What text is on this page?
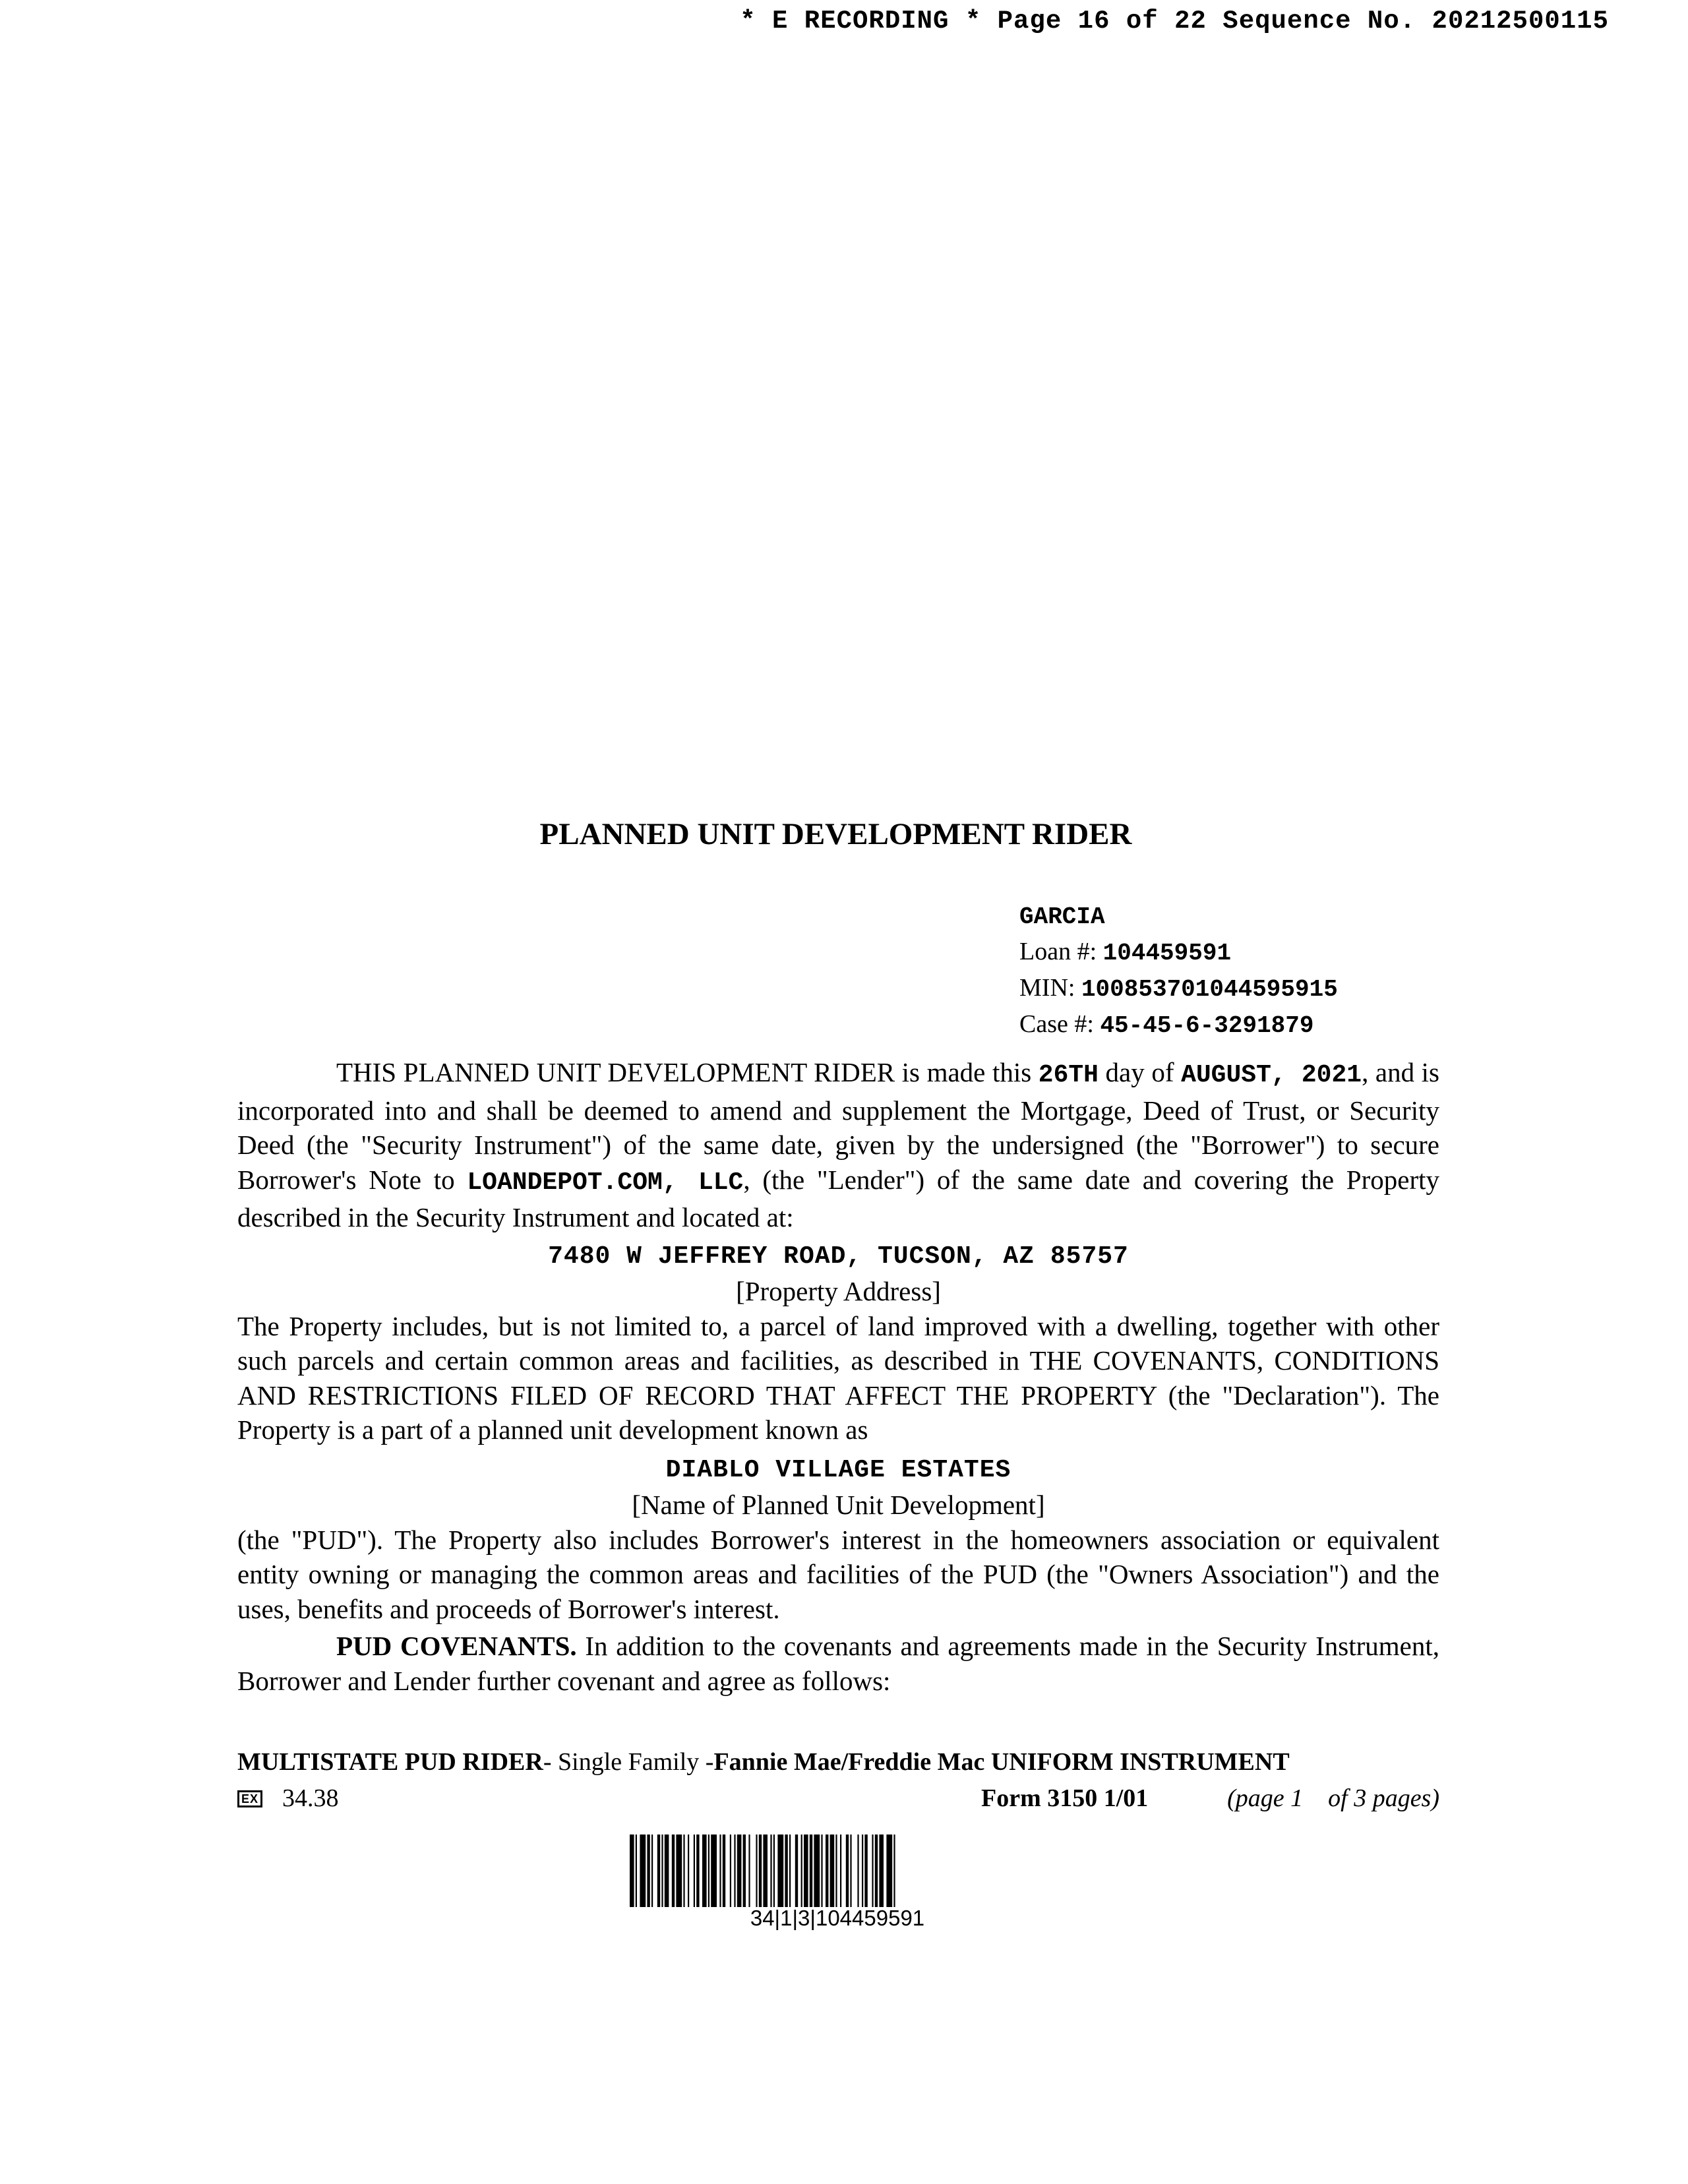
* E RECORDING * Page 16 of 22 Sequence No. 20212500115
PLANNED UNIT DEVELOPMENT RIDER
GARCIA
Loan #: 104459591
MIN: 100853701044595915
Case #: 45-45-6-3291879

THIS PLANNED UNIT DEVELOPMENT RIDER is made this 26TH day of AUGUST, 2021, and is incorporated into and shall be deemed to amend and supplement the Mortgage, Deed of Trust, or Security Deed (the "Security Instrument") of the same date, given by the undersigned (the "Borrower") to secure Borrower's Note to LOANDEPOT.COM, LLC, (the "Lender") of the same date and covering the Property described in the Security Instrument and located at:

7480 W JEFFREY ROAD, TUCSON, AZ 85757

[Property Address]

The Property includes, but is not limited to, a parcel of land improved with a dwelling, together with other such parcels and certain common areas and facilities, as described in THE COVENANTS, CONDITIONS AND RESTRICTIONS FILED OF RECORD THAT AFFECT THE PROPERTY (the "Declaration"). The Property is a part of a planned unit development known as

DIABLO VILLAGE ESTATES

[Name of Planned Unit Development]

(the "PUD"). The Property also includes Borrower's interest in the homeowners association or equivalent entity owning or managing the common areas and facilities of the PUD (the "Owners Association") and the uses, benefits and proceeds of Borrower's interest.

PUD COVENANTS. In addition to the covenants and agreements made in the Security Instrument, Borrower and Lender further covenant and agree as follows:

MULTISTATE PUD RIDER- Single Family -Fannie Mae/Freddie Mac UNIFORM INSTRUMENT
EX 34.38	Form 3150 1/01	(page 1    of 3 pages)
34|1|3|104459591
